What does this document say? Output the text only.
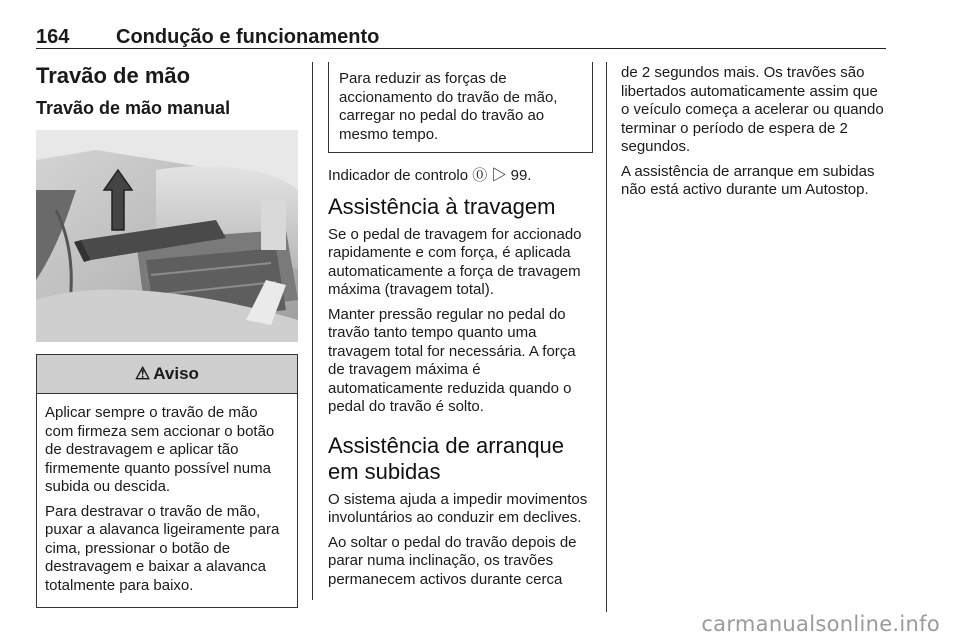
164 Condução e funcionamento
Travão de mão
Travão de mão manual
⚠ Aviso

Aplicar sempre o travão de mão com firmeza sem accionar o botão de destravagem e aplicar tão firmemente quanto possível numa subida ou descida.

Para destravar o travão de mão, puxar a alavanca ligeiramente para cima, pressionar o botão de destravagem e baixar a alavanca totalmente para baixo.

Para reduzir as forças de accionamento do travão de mão, carregar no pedal do travão ao mesmo tempo.

Indicador de controlo ⓪ ▷ 99.

Assistência à travagem

Se o pedal de travagem for accionado rapidamente e com força, é aplicada automaticamente a força de travagem máxima (travagem total).

Manter pressão regular no pedal do travão tanto tempo quanto uma travagem total for necessária. A força de travagem máxima é automaticamente reduzida quando o pedal do travão é solto.

Assistência de arranque em subidas

O sistema ajuda a impedir movimentos involuntários ao conduzir em declives.

Ao soltar o pedal do travão depois de parar numa inclinação, os travões permanecem activos durante cerca

de 2 segundos mais. Os travões são libertados automaticamente assim que o veículo começa a acelerar ou quando terminar o período de espera de 2 segundos.

A assistência de arranque em subidas não está activo durante um Autostop.

carmanualsonline.info
